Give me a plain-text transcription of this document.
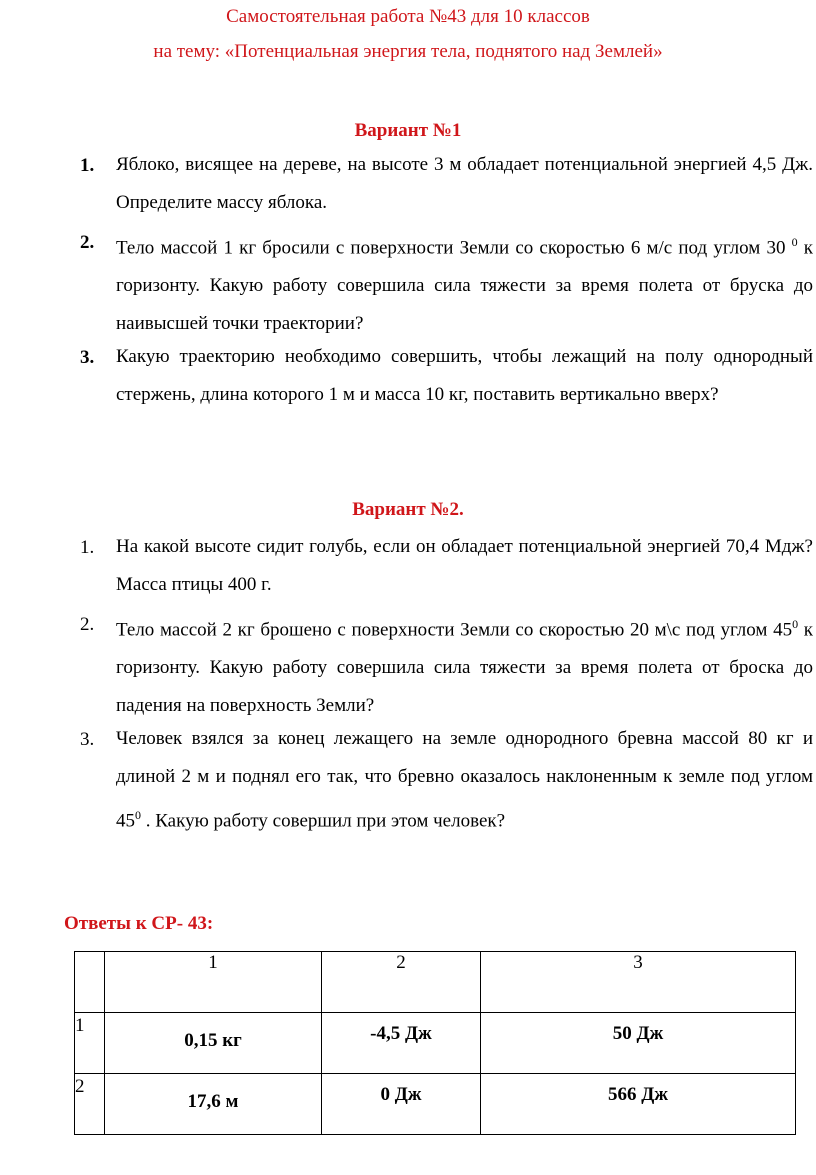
Самостоятельная работа №43 для 10 классов
на тему: «Потенциальная энергия тела, поднятого над Землей»
Вариант №1
1.	Яблоко, висящее на дереве, на высоте 3 м обладает потенциальной энергией 4,5 Дж. Определите массу яблока.
2.	Тело массой 1 кг бросили с поверхности Земли со скоростью 6 м/с под углом 30 $^0$ к горизонту. Какую работу совершила сила тяжести за время полета от бруска до наивысшей точки траектории?
3.	Какую траекторию необходимо совершить, чтобы лежащий на полу однородный стержень, длина которого 1 м и масса 10 кг, поставить вертикально вверх?
Вариант №2.
1.	На какой высоте сидит голубь, если он обладает потенциальной энергией 70,4 Мдж? Масса птицы 400 г.
2.	Тело массой 2 кг брошено с поверхности Земли со скоростью 20 м\с под углом $45^0$ к горизонту. Какую работу совершила сила тяжести за время полета от броска до падения на поверхность Земли?
3.	Человек взялся за конец лежащего на земле однородного бревна массой 80 кг и длиной 2 м и поднял его так, что бревно оказалось наклоненным к земле под углом $45^0$ . Какую работу совершил при этом человек?
Ответы к СР- 43:
	1	2	3
1	0,15 кг	-4,5 Дж	50 Дж
2	17,6 м	0 Дж	566 Дж
